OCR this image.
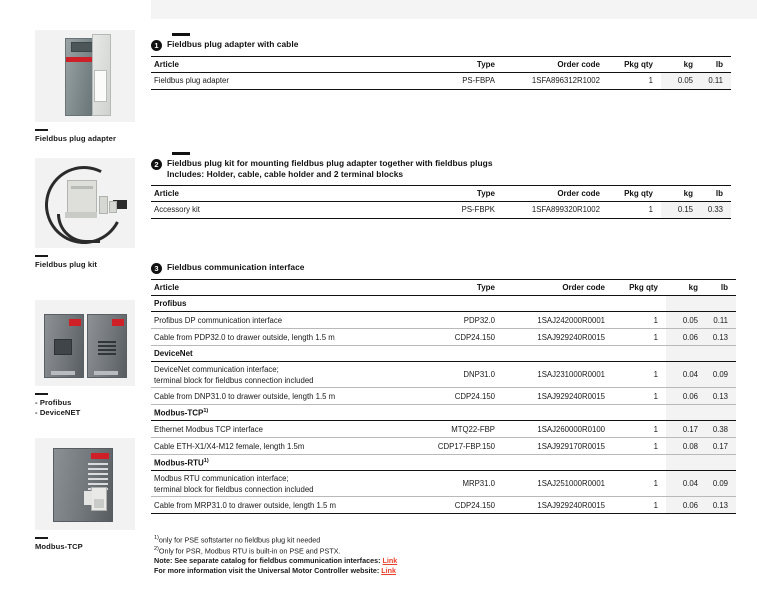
Fieldbus plug adapter
Fieldbus plug kit
- Profibus
- DeviceNET
Modbus-TCP
1	Fieldbus plug adapter with cable
Article	Type	Order code	Pkg qty	kg	lb
Fieldbus plug adapter	PS-FBPA	1SFA896312R1002	1	0.05	0.11
2	Fieldbus plug kit for mounting fieldbus plug adapter together with fieldbus plugs
Includes: Holder, cable, cable holder and 2 terminal blocks
Article	Type	Order code	Pkg qty	kg	lb
Accessory kit	PS-FBPK	1SFA899320R1002	1	0.15	0.33
3	Fieldbus communication interface
Article	Type	Order code	Pkg qty	kg	lb
Profibus					
Profibus DP communication interface	PDP32.0	1SAJ242000R0001	1	0.05	0.11
Cable from PDP32.0 to drawer outside, length 1.5 m	CDP24.150	1SAJ929240R0015	1	0.06	0.13
DeviceNet					
DeviceNet communication interface;
terminal block for fieldbus connection included	DNP31.0	1SAJ231000R0001	1	0.04	0.09
Cable from DNP31.0 to drawer outside, length 1.5 m	CDP24.150	1SAJ929240R0015	1	0.06	0.13
Modbus-TCP$^{1)}$		
Ethernet Modbus TCP interface	MTQ22-FBP	1SAJ260000R0100	1	0.17	0.38
Cable ETH-X1/X4-M12 female, length 1.5m	CDP17-FBP.150	1SAJ929170R0015	1	0.08	0.17
Modbus-RTU$^{1)}$		
Modbus RTU communication interface;
terminal block for fieldbus connection included	MRP31.0	1SAJ251000R0001	1	0.04	0.09
Cable from MRP31.0 to drawer outside, length 1.5 m	CDP24.150	1SAJ929240R0015	1	0.06	0.13
$^{1)}$only for PSE softstarter no fieldbus plug kit needed
$^{2)}$Only for PSR, Modbus RTU is built-in on PSE and PSTX.
Note: See separate catalog for fieldbus communication interfaces: Link
For more information visit the Universal Motor Controller website: Link
